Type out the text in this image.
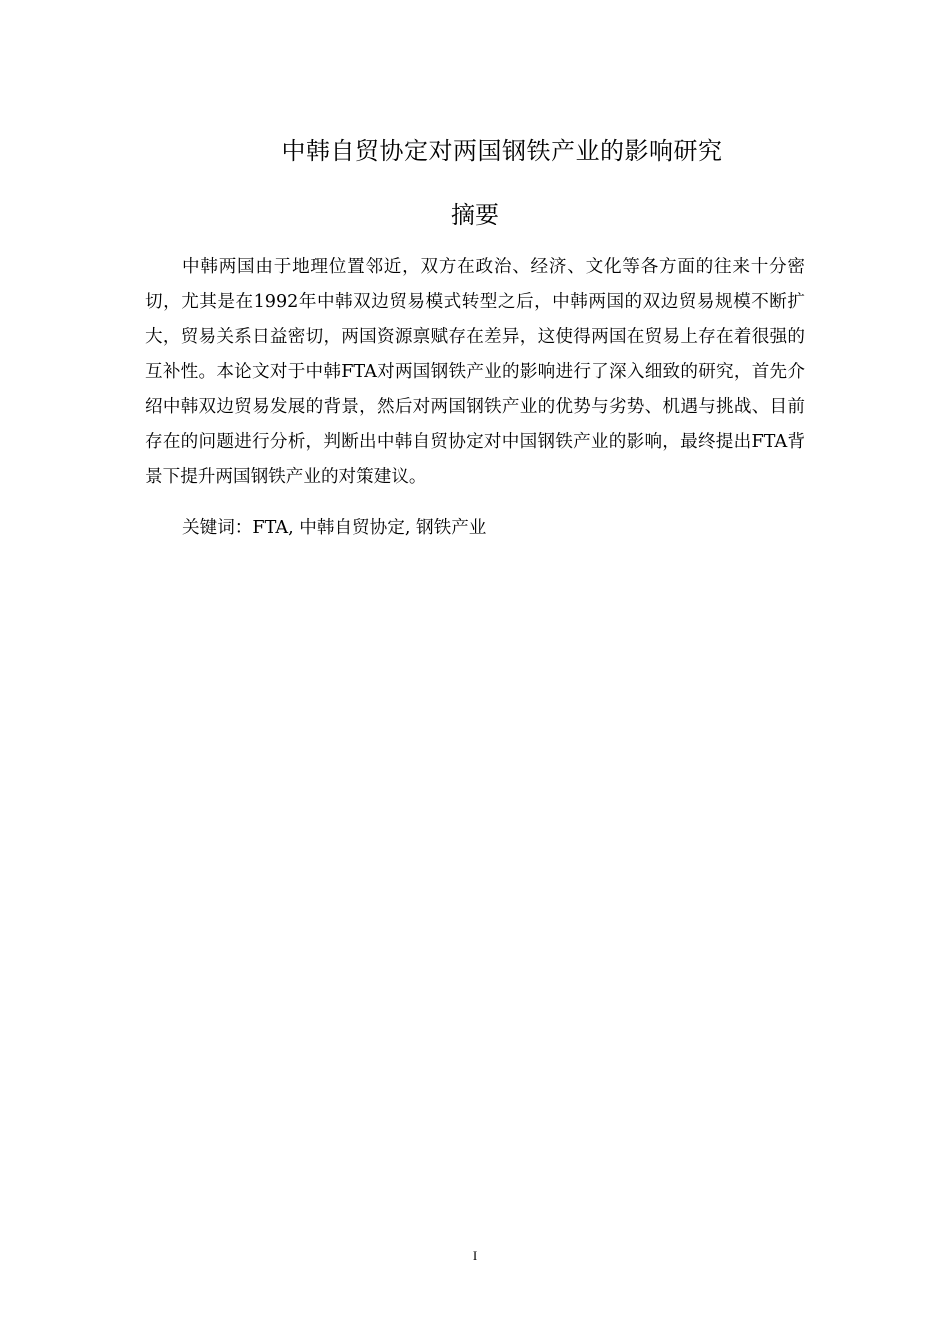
中韩自贸协定对两国钢铁产业的影响研究
摘要

中韩两国由于地理位置邻近，双方在政治、经济、文化等各方面的往来十分密切，尤其是在1992年中韩双边贸易模式转型之后，中韩两国的双边贸易规模不断扩大，贸易关系日益密切，两国资源禀赋存在差异，这使得两国在贸易上存在着很强的互补性。本论文对于中韩FTA对两国钢铁产业的影响进行了深入细致的研究，首先介绍中韩双边贸易发展的背景，然后对两国钢铁产业的优势与劣势、机遇与挑战、目前存在的问题进行分析，判断出中韩自贸协定对中国钢铁产业的影响，最终提出FTA背景下提升两国钢铁产业的对策建议。

关键词：FTA, 中韩自贸协定, 钢铁产业
I
